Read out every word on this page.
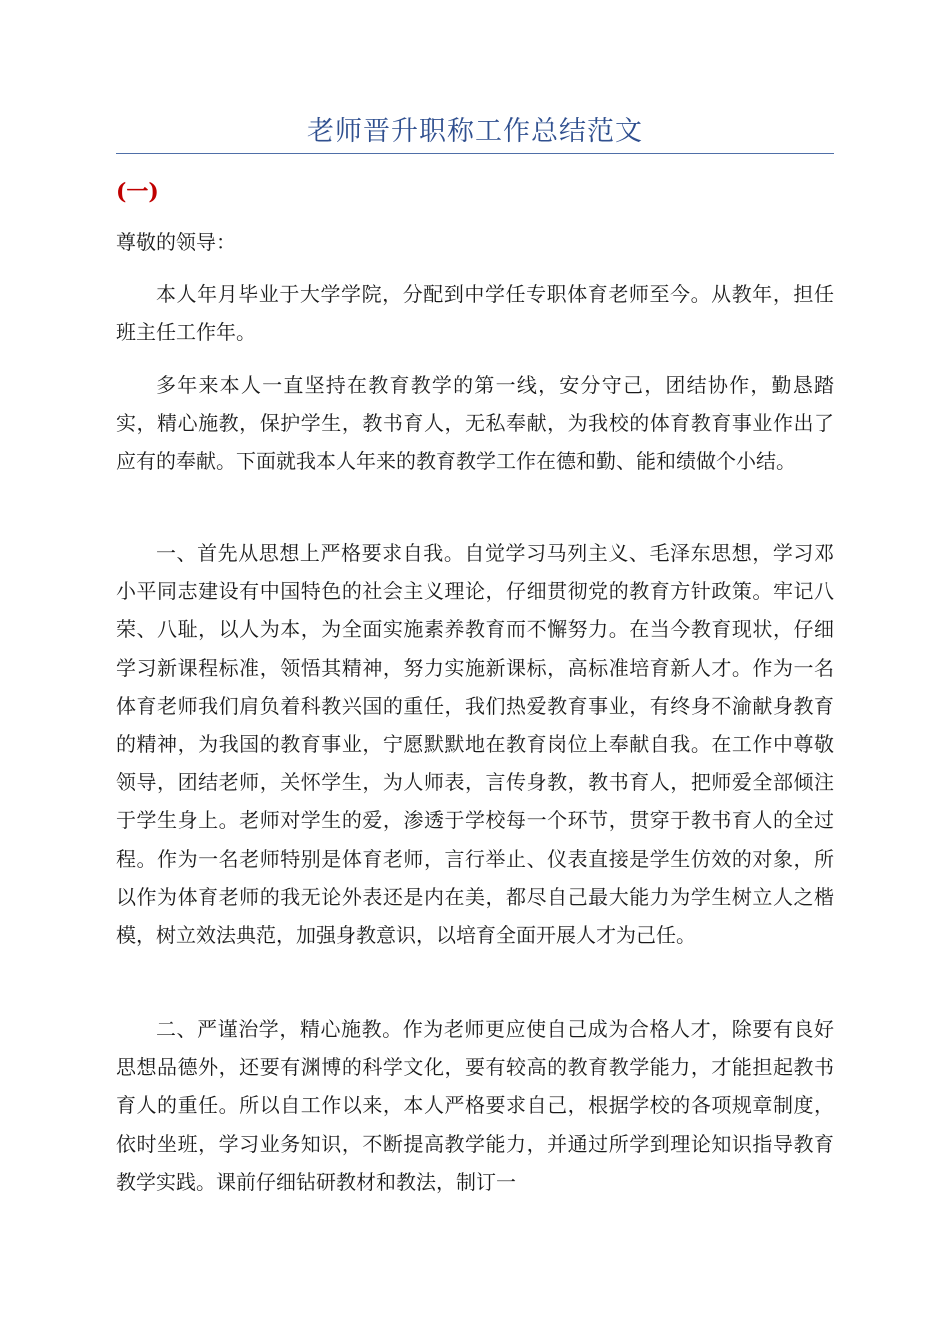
老师晋升职称工作总结范文
(一)
尊敬的领导：

本人年月毕业于大学学院，分配到中学任专职体育老师至今。从教年，担任班主任工作年。

多年来本人一直坚持在教育教学的第一线，安分守己，团结协作，勤恳踏实，精心施教，保护学生，教书育人，无私奉献，为我校的体育教育事业作出了应有的奉献。下面就我本人年来的教育教学工作在德和勤、能和绩做个小结。

一、首先从思想上严格要求自我。自觉学习马列主义、毛泽东思想，学习邓小平同志建设有中国特色的社会主义理论，仔细贯彻党的教育方针政策。牢记八荣、八耻，以人为本，为全面实施素养教育而不懈努力。在当今教育现状，仔细学习新课程标准，领悟其精神，努力实施新课标，高标准培育新人才。作为一名体育老师我们肩负着科教兴国的重任，我们热爱教育事业，有终身不渝献身教育的精神，为我国的教育事业，宁愿默默地在教育岗位上奉献自我。在工作中尊敬领导，团结老师，关怀学生，为人师表，言传身教，教书育人，把师爱全部倾注于学生身上。老师对学生的爱，渗透于学校每一个环节，贯穿于教书育人的全过程。作为一名老师特别是体育老师，言行举止、仪表直接是学生仿效的对象，所以作为体育老师的我无论外表还是内在美，都尽自己最大能力为学生树立人之楷模，树立效法典范，加强身教意识，以培育全面开展人才为己任。

二、严谨治学，精心施教。作为老师更应使自己成为合格人才，除要有良好思想品德外，还要有渊博的科学文化，要有较高的教育教学能力，才能担起教书育人的重任。所以自工作以来，本人严格要求自己，根据学校的各项规章制度，依时坐班，学习业务知识，不断提高教学能力，并通过所学到理论知识指导教育教学实践。课前仔细钻研教材和教法，制订一
